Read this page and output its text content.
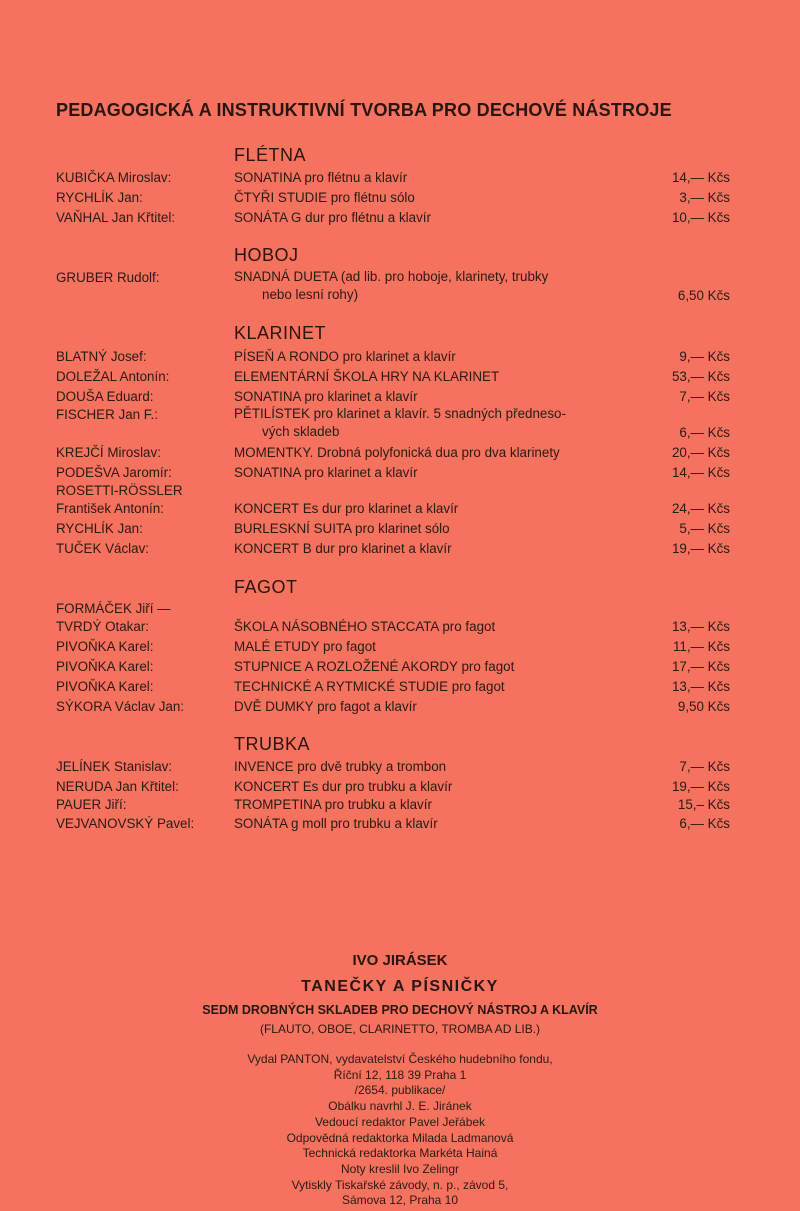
PEDAGOGICKÁ A INSTRUKTIVNÍ TVORBA PRO DECHOVÉ NÁSTROJE
FLÉTNA
KUBIČKA Miroslav:	SONATINA pro flétnu a klavír	14,— Kčs
RYCHLÍK Jan:	ČTYŘI STUDIE pro flétnu sólo	3,— Kčs
VAŇHAL Jan Křtitel:	SONÁTA G dur pro flétnu a klavír	10,— Kčs
HOBOJ
GRUBER Rudolf:	SNADNÁ DUETA (ad lib. pro hoboje, klarinety, trubky
nebo lesní rohy)	6,50 Kčs
KLARINET
BLATNÝ Josef:	PÍSEŇ A RONDO pro klarinet a klavír	9,— Kčs
DOLEŽAL Antonín:	ELEMENTÁRNÍ ŠKOLA HRY NA KLARINET	53,— Kčs
DOUŠA Eduard:	SONATINA pro klarinet a klavír	7,— Kčs
FISCHER Jan F.:	PĚTILÍSTEK pro klarinet a klavír. 5 snadných předneso-
vých skladeb	6,— Kčs
KREJČÍ Miroslav:	MOMENTKY. Drobná polyfonická dua pro dva klarinety	20,— Kčs
PODEŠVA Jaromír:	SONATINA pro klarinet a klavír	14,— Kčs
ROSETTI-RÖSSLER
František Antonín:	KONCERT Es dur pro klarinet a klavír	24,— Kčs
RYCHLÍK Jan:	BURLESKNÍ SUITA pro klarinet sólo	5,— Kčs
TUČEK Václav:	KONCERT B dur pro klarinet a klavír	19,— Kčs
FAGOT
FORMÁČEK Jiří —
TVRDÝ Otakar:	ŠKOLA NÁSOBNÉHO STACCATA pro fagot	13,— Kčs
PIVOŇKA Karel:	MALÉ ETUDY pro fagot	11,— Kčs
PIVOŇKA Karel:	STUPNICE A ROZLOŽENÉ AKORDY pro fagot	17,— Kčs
PIVOŇKA Karel:	TECHNICKÉ A RYTMICKÉ STUDIE pro fagot	13,— Kčs
SÝKORA Václav Jan:	DVĚ DUMKY pro fagot a klavír	9,50 Kčs
TRUBKA
JELÍNEK Stanislav:	INVENCE pro dvě trubky a trombon	7,— Kčs
NERUDA Jan Křtitel:	KONCERT Es dur pro trubku a klavír	19,— Kčs
PAUER Jiří:	TROMPETINA pro trubku a klavír	15,– Kčs
VEJVANOVSKÝ Pavel:	SONÁTA g moll pro trubku a klavír	6,— Kčs
IVO JIRÁSEK
TANEČKY A PÍSNIČKY
SEDM DROBNÝCH SKLADEB PRO DECHOVÝ NÁSTROJ A KLAVÍR
(FLAUTO, OBOE, CLARINETTO, TROMBA AD LIB.)
Vydal PANTON, vydavatelství Českého hudebního fondu,
Říční 12, 118 39 Praha 1
/2654. publikace/
Obálku navrhl J. E. Jiránek
Vedoucí redaktor Pavel Jeřábek
Odpovědná redaktorka Milada Ladmanová
Technická redaktorka Markéta Hainá
Noty kreslil Ivo Zelingr
Vytiskly Tiskařské závody, n. p., závod 5,
Sámova 12, Praha 10
